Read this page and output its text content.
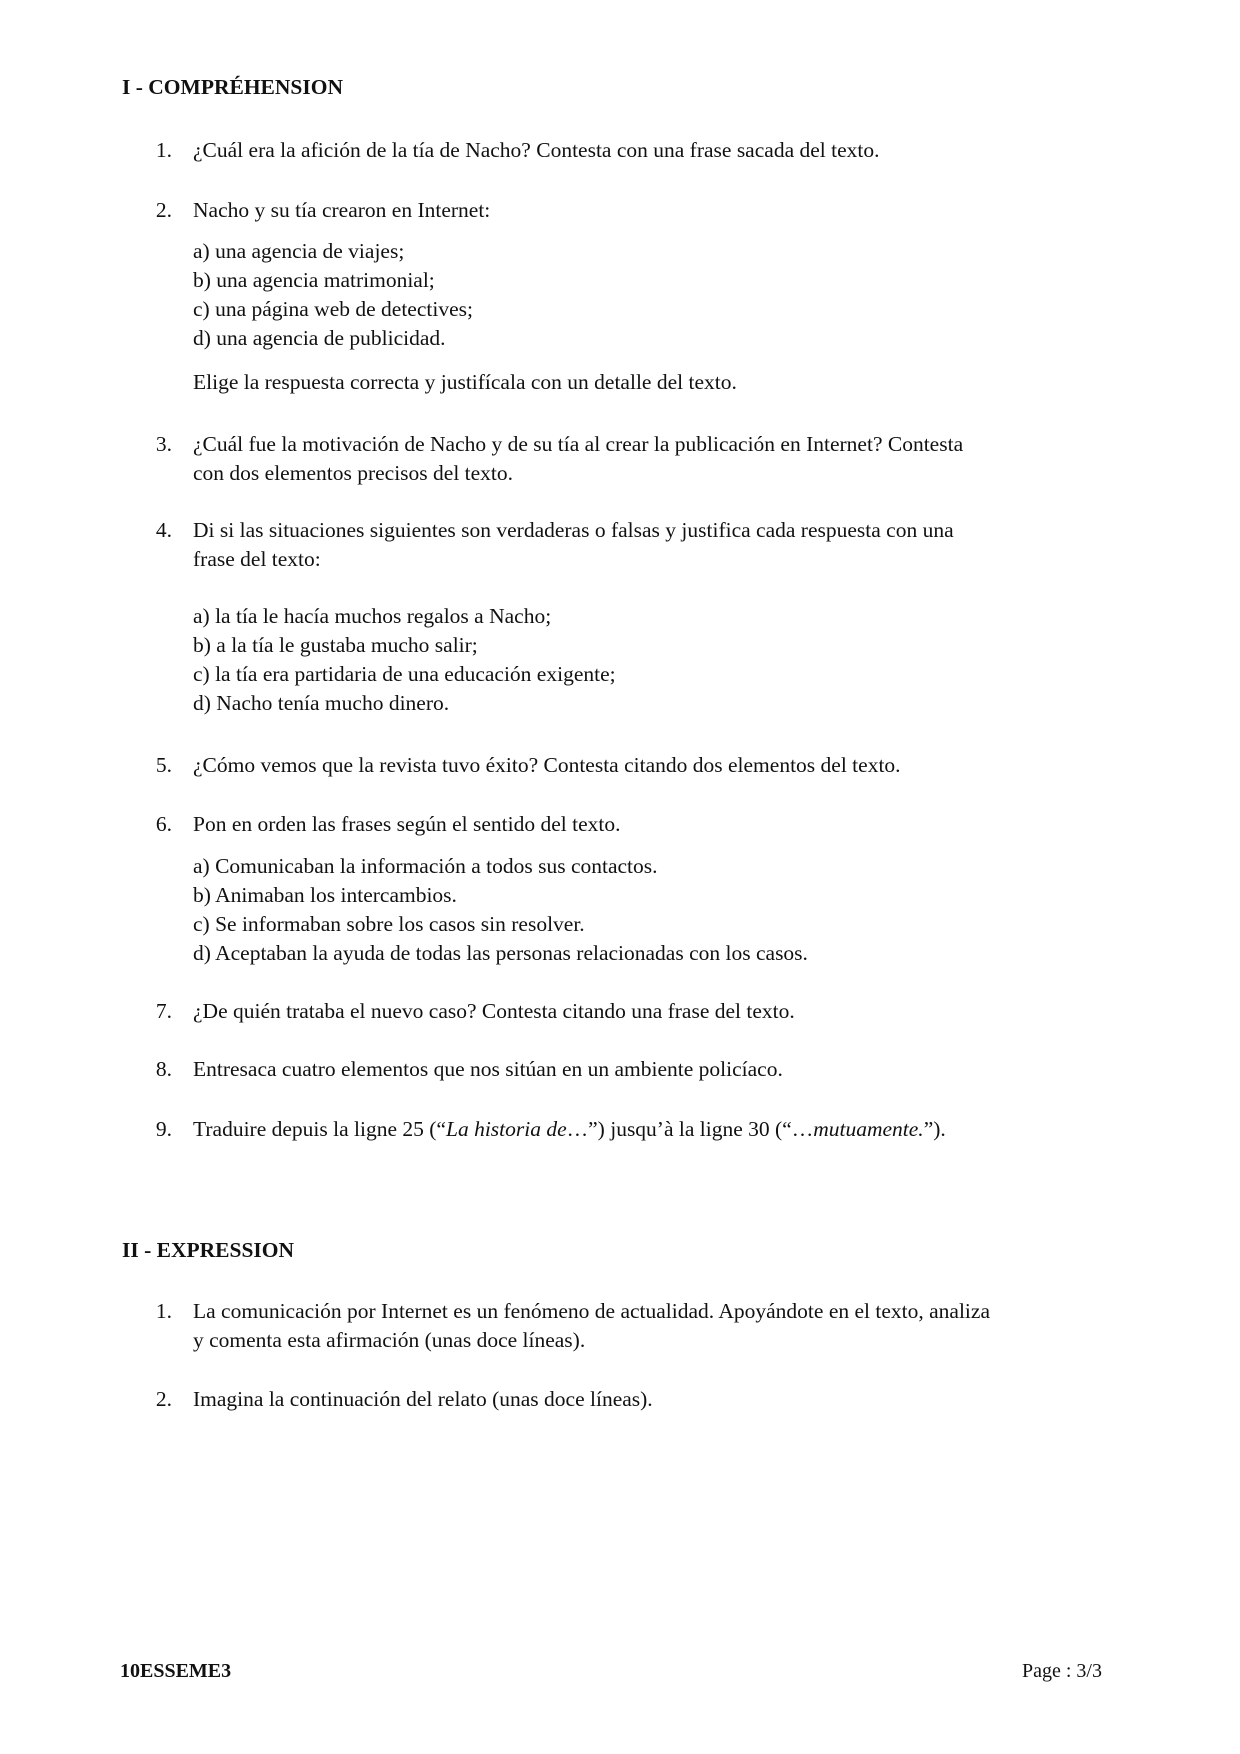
I - COMPRÉHENSION
1. ¿Cuál era la afición de la tía de Nacho? Contesta con una frase sacada del texto.
2. Nacho y su tía crearon en Internet:
a) una agencia de viajes;
b) una agencia matrimonial;
c) una página web de detectives;
d) una agencia de publicidad.
Elige la respuesta correcta y justifícala con un detalle del texto.
3. ¿Cuál fue la motivación de Nacho y de su tía al crear la publicación en Internet? Contesta
con dos elementos precisos del texto.
4. Di si las situaciones siguientes son verdaderas o falsas y justifica cada respuesta con una
frase del texto:
a) la tía le hacía muchos regalos a Nacho;
b) a la tía le gustaba mucho salir;
c) la tía era partidaria de una educación exigente;
d) Nacho tenía mucho dinero.
5. ¿Cómo vemos que la revista tuvo éxito? Contesta citando dos elementos del texto.
6. Pon en orden las frases según el sentido del texto.
a) Comunicaban la información a todos sus contactos.
b) Animaban los intercambios.
c) Se informaban sobre los casos sin resolver.
d) Aceptaban la ayuda de todas las personas relacionadas con los casos.
7. ¿De quién trataba el nuevo caso? Contesta citando una frase del texto.
8. Entresaca cuatro elementos que nos sitúan en un ambiente policíaco.
9. Traduire depuis la ligne 25 (“La historia de…”) jusqu’à la ligne 30 (“…mutuamente.”).
II - EXPRESSION
1. La comunicación por Internet es un fenómeno de actualidad. Apoyándote en el texto, analiza
y comenta esta afirmación (unas doce líneas).
2. Imagina la continuación del relato (unas doce líneas).
10ESSEME3	Page : 3/3
